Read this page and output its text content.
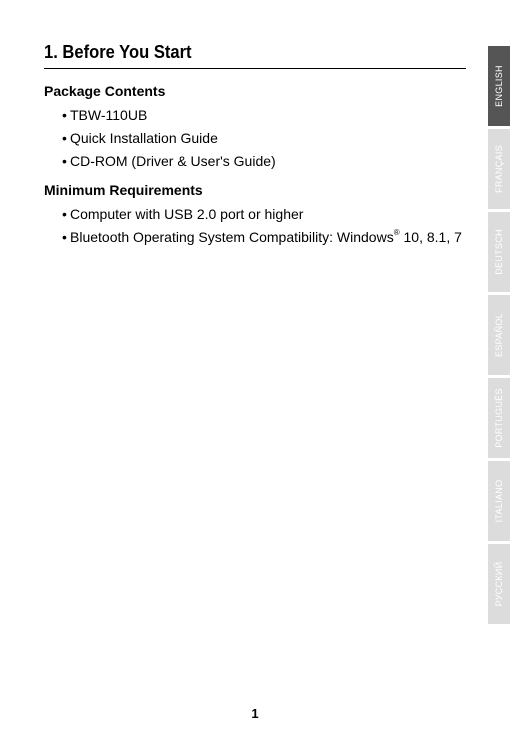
1. Before You Start
Package Contents
• TBW-110UB
• Quick Installation Guide
• CD-ROM (Driver & User's Guide)
Minimum Requirements
• Computer with USB 2.0 port or higher
• Bluetooth Operating System Compatibility: Windows® 10, 8.1, 7
ENGLISH
FRANÇAIS
DEUTSCH
ESPAÑOL
PORTUGUÊS
ITALIANO
РУССКИЙ
1
